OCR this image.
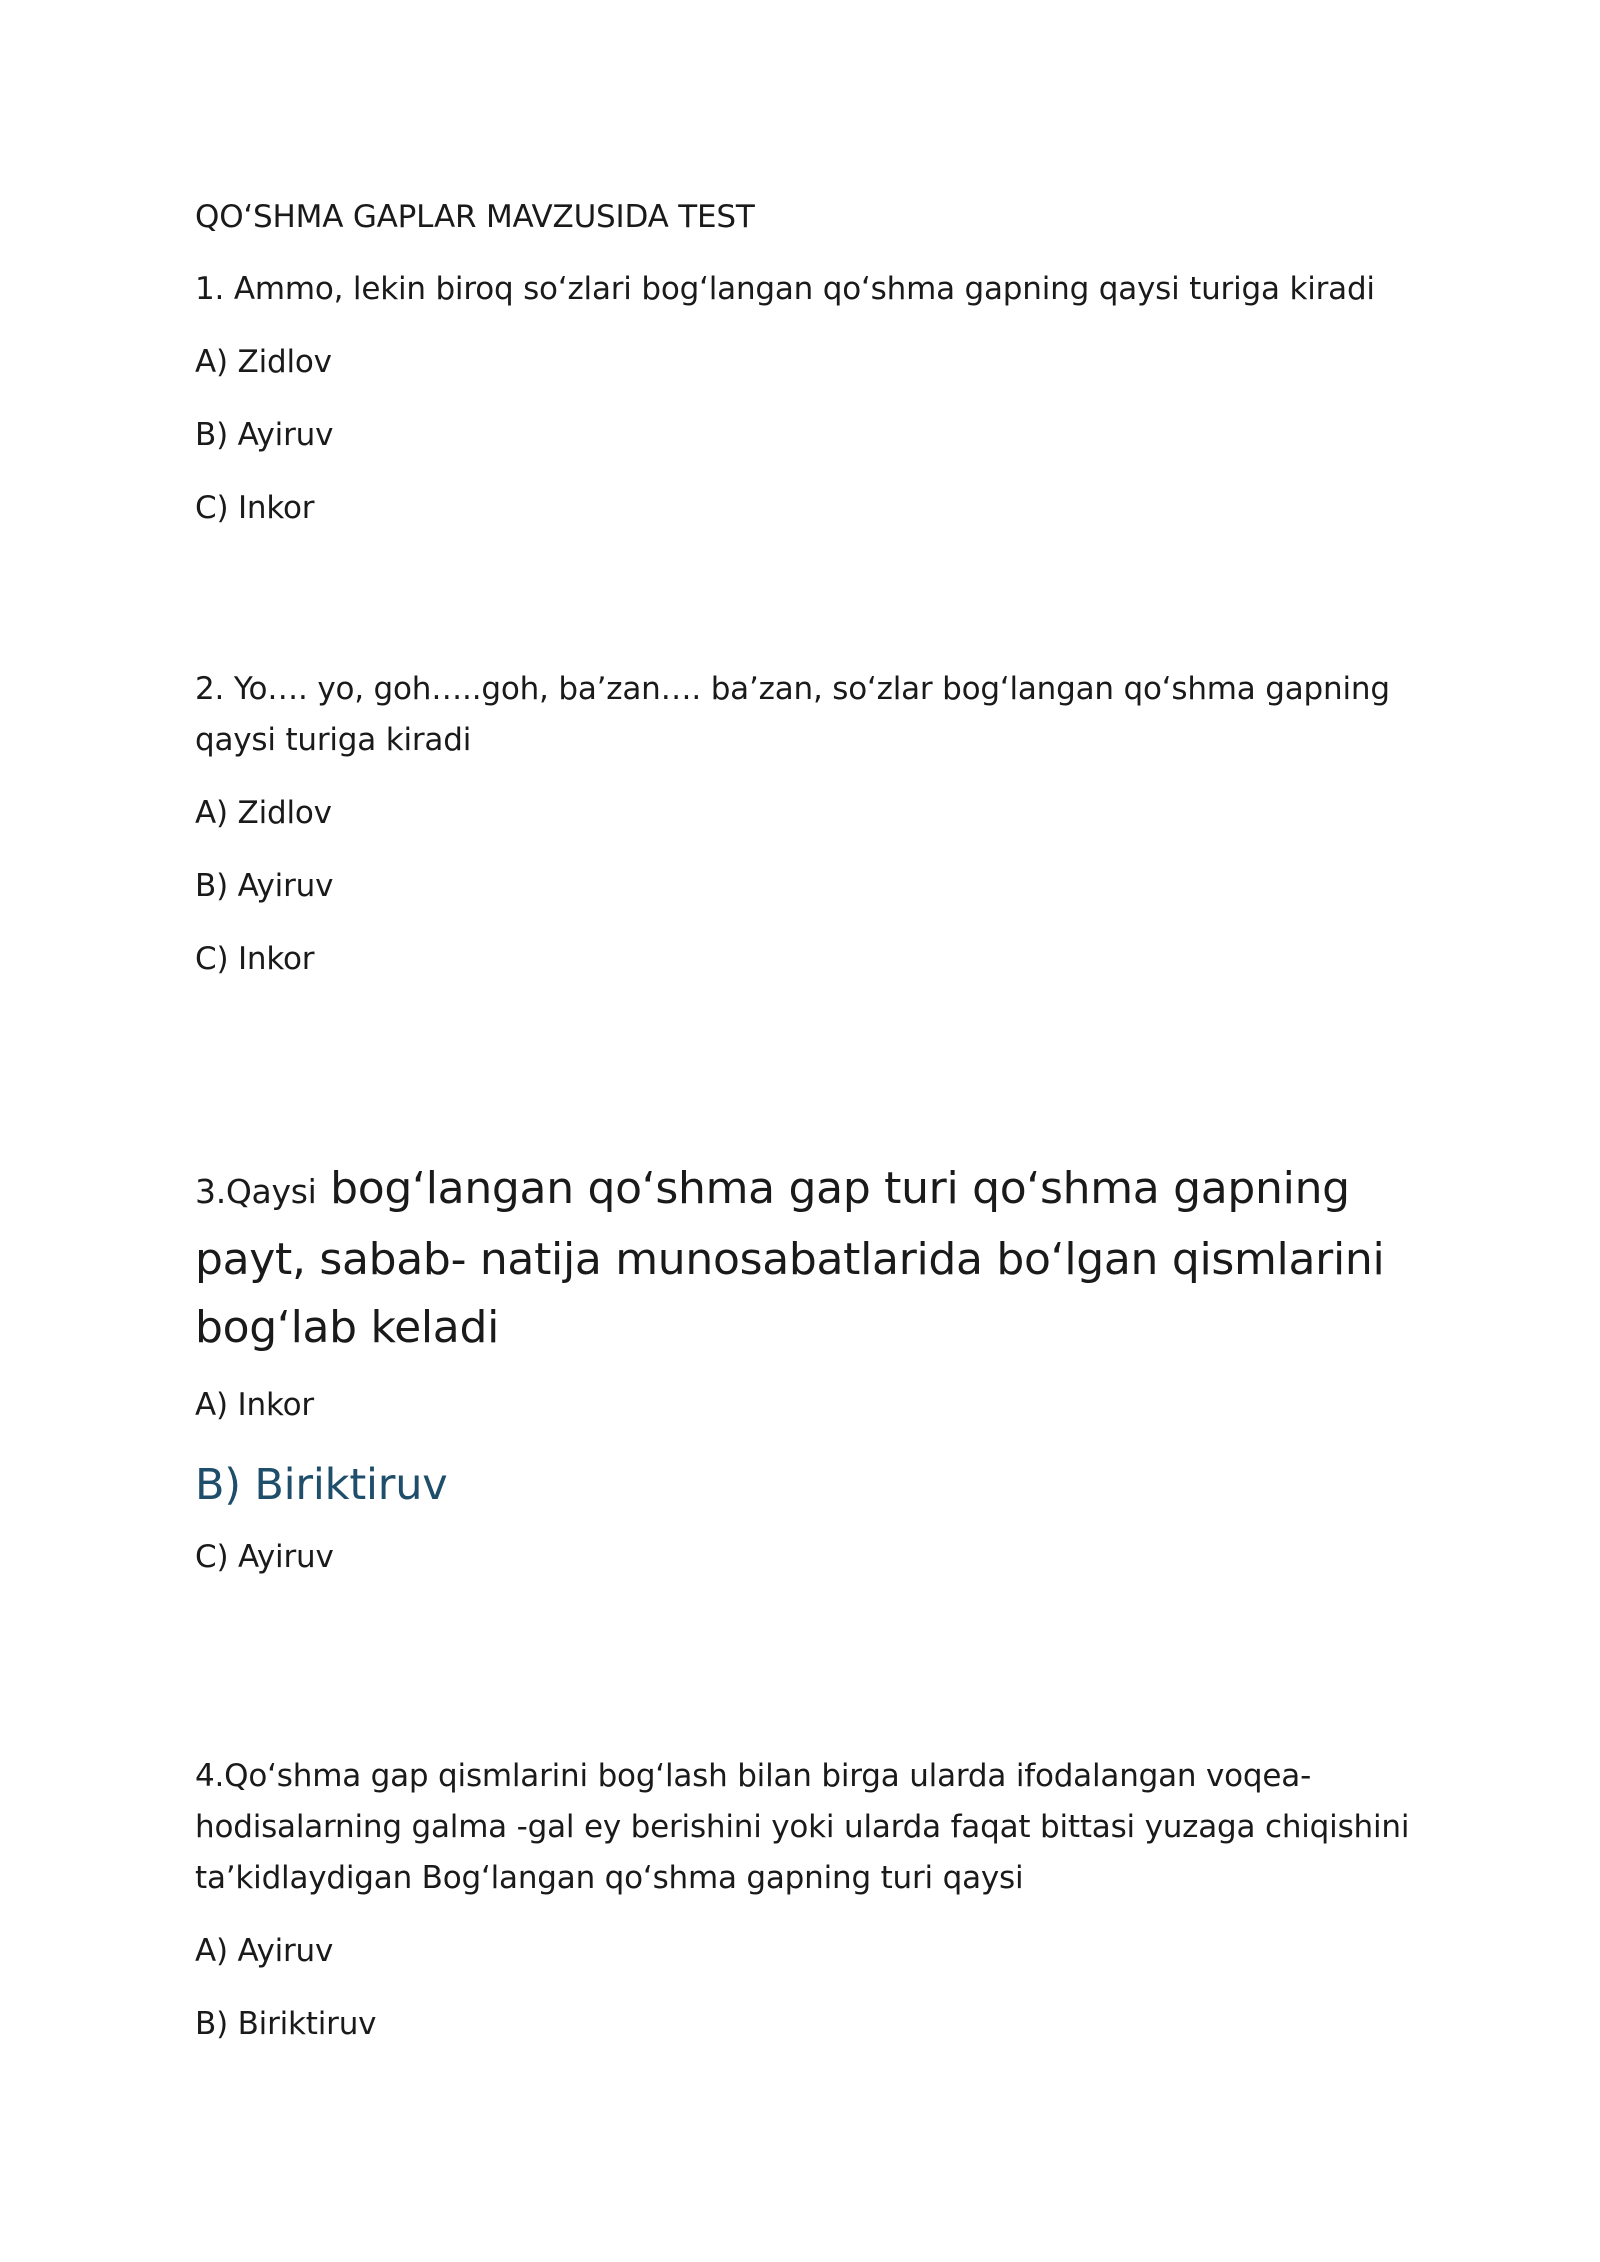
QO‘SHMA GAPLAR MAVZUSIDA TEST

1. Ammo, lekin biroq so‘zlari bog‘langan qo‘shma gapning qaysi turiga kiradi

A) Zidlov

B) Ayiruv

C) Inkor

2. Yo…. yo, goh…..goh, ba’zan…. ba’zan, so‘zlar bog‘langan qo‘shma gapning

qaysi turiga kiradi

A) Zidlov

B) Ayiruv

C) Inkor

3.Qaysi bog‘langan qo‘shma gap turi qo‘shma gapning payt, sabab- natija munosabatlarida bo‘lgan qismlarini bog‘lab keladi

A) Inkor

B) Biriktiruv

C) Ayiruv

4.Qo‘shma gap qismlarini bog‘lash bilan birga ularda ifodalangan voqea-

hodisalarning galma -gal ey berishini yoki ularda faqat bittasi yuzaga chiqishini

ta’kidlaydigan Bog‘langan qo‘shma gapning turi qaysi

A) Ayiruv

B) Biriktiruv
